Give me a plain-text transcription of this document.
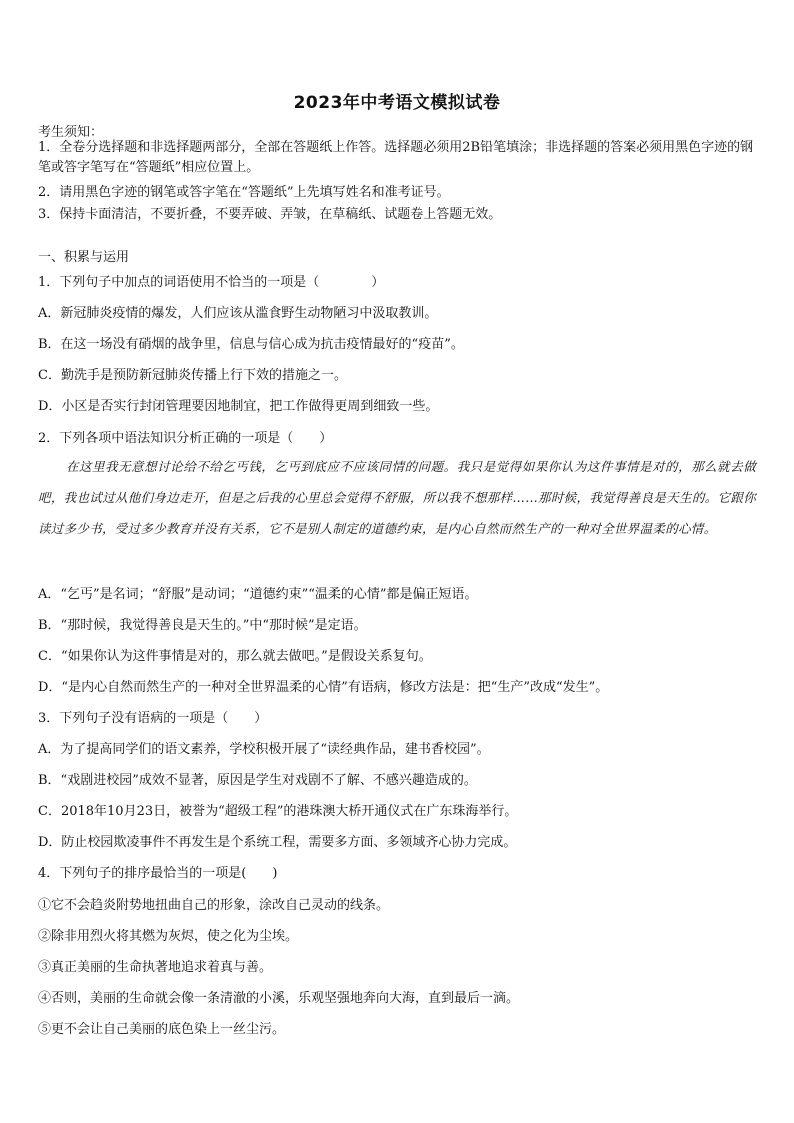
2023年中考语文模拟试卷
考生须知：
1．全卷分选择题和非选择题两部分，全部在答题纸上作答。选择题必须用2B铅笔填涂；非选择题的答案必须用黑色字迹的钢笔或答字笔写在“答题纸”相应位置上。
2．请用黑色字迹的钢笔或答字笔在“答题纸”上先填写姓名和准考证号。
3．保持卡面清洁，不要折叠，不要弄破、弄皱，在草稿纸、试题卷上答题无效。
一、积累与运用
1．下列句子中加点的词语使用不恰当的一项是（　　　　）
A．新冠肺炎疫情的爆发，人们应该从滥食野生动物陋习中汲取教训。
B．在这一场没有硝烟的战争里，信息与信心成为抗击疫情最好的“疫苗”。
C．勤洗手是预防新冠肺炎传播上行下效的措施之一。
D．小区是否实行封闭管理要因地制宜，把工作做得更周到细致一些。
2．下列各项中语法知识分析正确的一项是（　　）
在这里我无意想讨论给不给乞丐钱，乞丐到底应不应该同情的问题。我只是觉得如果你认为这件事情是对的，那么就去做吧，我也试过从他们身边走开，但是之后我的心里总会觉得不舒服，所以我不想那样……那时候，我觉得善良是天生的。它跟你读过多少书，受过多少教育并没有关系，它不是别人制定的道德约束，是内心自然而然生产的一种对全世界温柔的心情。
A．“乞丐”是名词；“舒服”是动词；“道德约束”“温柔的心情”都是偏正短语。
B．“那时候，我觉得善良是天生的。”中“那时候”是定语。
C．“如果你认为这件事情是对的，那么就去做吧。”是假设关系复句。
D．“是内心自然而然生产的一种对全世界温柔的心情”有语病，修改方法是：把“生产”改成“发生”。
3．下列句子没有语病的一项是（　　）
A．为了提高同学们的语文素养，学校积极开展了“读经典作品，建书香校园”。
B．“戏剧进校园”成效不显著，原因是学生对戏剧不了解、不感兴趣造成的。
C．2018年10月23日，被誉为“超级工程”的港珠澳大桥开通仪式在广东珠海举行。
D．防止校园欺凌事件不再发生是个系统工程，需要多方面、多领域齐心协力完成。
4．下列句子的排序最恰当的一项是(　　)
①它不会趋炎附势地扭曲自己的形象，涂改自己灵动的线条。
②除非用烈火将其燃为灰烬，使之化为尘埃。
③真正美丽的生命执著地追求着真与善。
④否则，美丽的生命就会像一条清澈的小溪，乐观坚强地奔向大海，直到最后一滴。
⑤更不会让自己美丽的底色染上一丝尘污。
